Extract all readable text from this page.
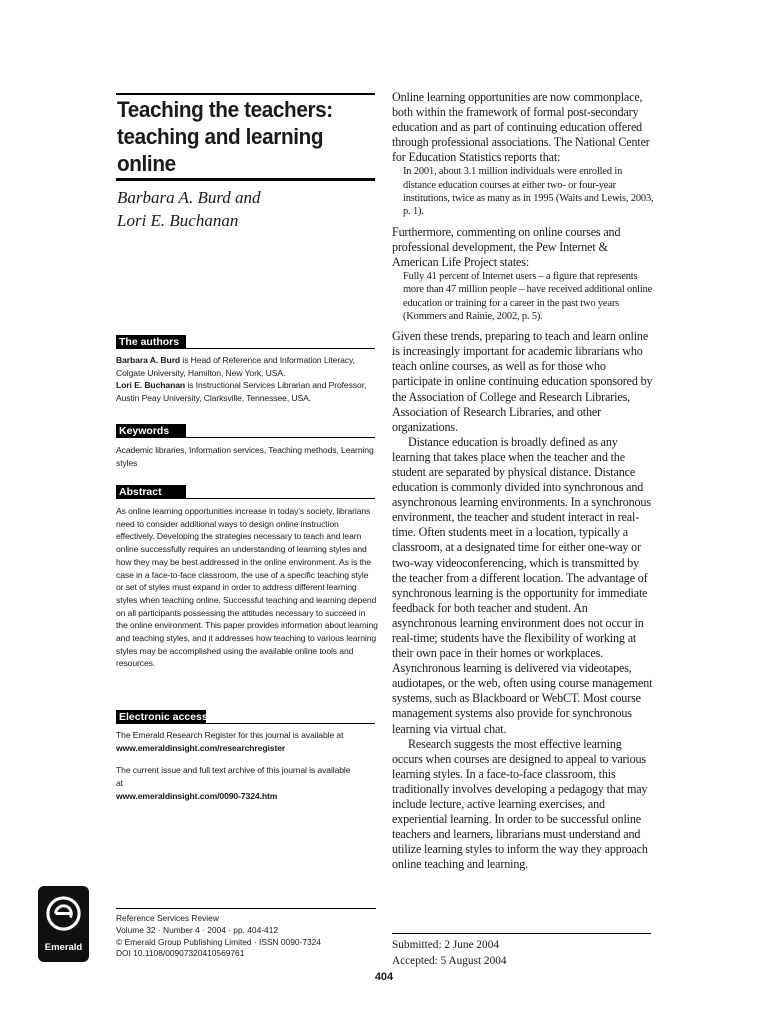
Teaching the teachers: teaching and learning online
Barbara A. Burd and
Lori E. Buchanan
The authors

Barbara A. Burd is Head of Reference and Information Literacy, Colgate University, Hamilton, New York, USA.

Lori E. Buchanan is Instructional Services Librarian and Professor, Austin Peay University, Clarksville, Tennessee, USA.

Keywords

Academic libraries, Information services, Teaching methods, Learning styles

Abstract

As online learning opportunities increase in today’s society, librarians need to consider additional ways to design online instruction effectively. Developing the strategies necessary to teach and learn online successfully requires an understanding of learning styles and how they may be best addressed in the online environment. As is the case in a face-to-face classroom, the use of a specific teaching style or set of styles must expand in order to address different learning styles when teaching online. Successful teaching and learning depend on all participants possessing the attitudes necessary to succeed in the online environment. This paper provides information about learning and teaching styles, and it addresses how teaching to various learning styles may be accomplished using the available online tools and resources.

Electronic access

The Emerald Research Register for this journal is available at

www.emeraldinsight.com/researchregister

The current issue and full text archive of this journal is available at

www.emeraldinsight.com/0090-7324.htm

Reference Services Review
Volume 32 · Number 4 · 2004 · pp. 404-412
© Emerald Group Publishing Limited · ISSN 0090-7324
DOI 10.1108/00907320410569761
Emerald

Online learning opportunities are now commonplace, both within the framework of formal post-secondary education and as part of continuing education offered through professional associations. The National Center for Education Statistics reports that:

In 2001, about 3.1 million individuals were enrolled in distance education courses at either two- or four-year institutions, twice as many as in 1995 (Waits and Lewis, 2003, p. 1).

Furthermore, commenting on online courses and professional development, the Pew Internet & American Life Project states:

Fully 41 percent of Internet users – a figure that represents more than 47 million people – have received additional online education or training for a career in the past two years (Kommers and Rainie, 2002, p. 5).

Given these trends, preparing to teach and learn online is increasingly important for academic librarians who teach online courses, as well as for those who participate in online continuing education sponsored by the Association of College and Research Libraries, Association of Research Libraries, and other organizations.

Distance education is broadly defined as any learning that takes place when the teacher and the student are separated by physical distance. Distance education is commonly divided into synchronous and asynchronous learning environments. In a synchronous environment, the teacher and student interact in real-time. Often students meet in a location, typically a classroom, at a designated time for either one-way or two-way videoconferencing, which is transmitted by the teacher from a different location. The advantage of synchronous learning is the opportunity for immediate feedback for both teacher and student. An asynchronous learning environment does not occur in real-time; students have the flexibility of working at their own pace in their homes or workplaces. Asynchronous learning is delivered via videotapes, audiotapes, or the web, often using course management systems, such as Blackboard or WebCT. Most course management systems also provide for synchronous learning via virtual chat.

Research suggests the most effective learning occurs when courses are designed to appeal to various learning styles. In a face-to-face classroom, this traditionally involves developing a pedagogy that may include lecture, active learning exercises, and experiential learning. In order to be successful online teachers and learners, librarians must understand and utilize learning styles to inform the way they approach online teaching and learning.

Submitted: 2 June 2004
Accepted: 5 August 2004
404
